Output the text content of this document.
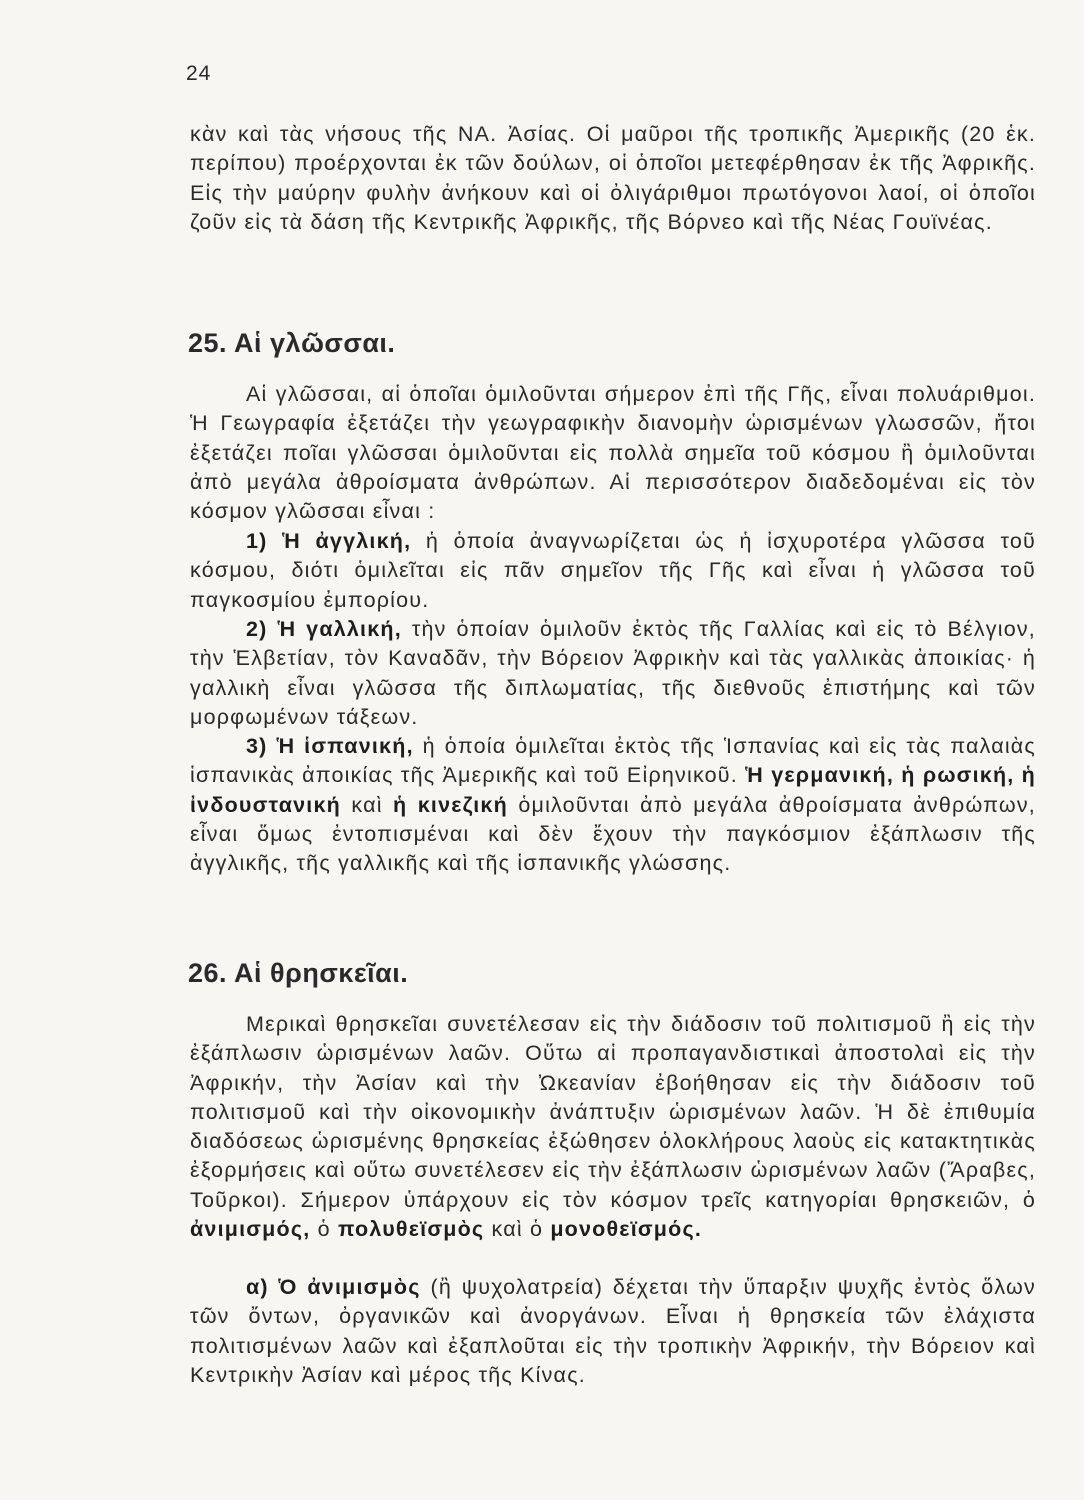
24

κὰν καὶ τὰς νήσους τῆς ΝΑ. Ἀσίας. Οἱ μαῦροι τῆς τροπικῆς Ἀμερικῆς (20 ἑκ. περίπου) προέρχονται ἐκ τῶν δούλων, οἱ ὁποῖοι μετεφέρθησαν ἐκ τῆς Ἀφρικῆς. Εἰς τὴν μαύρην φυλὴν ἀνήκουν καὶ οἱ ὀλιγάριθμοι πρωτόγονοι λαοί, οἱ ὁποῖοι ζοῦν εἰς τὰ δάση τῆς Κεντρικῆς Ἀφρικῆς, τῆς Βόρνεο καὶ τῆς Νέας Γουϊνέας.

25. Αἱ γλῶσσαι.

Αἱ γλῶσσαι, αἱ ὁποῖαι ὁμιλοῦνται σήμερον ἐπὶ τῆς Γῆς, εἶναι πολυάριθμοι. Ἡ Γεωγραφία ἐξετάζει τὴν γεωγραφικὴν διανομὴν ὡρισμένων γλωσσῶν, ἤτοι ἐξετάζει ποῖαι γλῶσσαι ὁμιλοῦνται εἰς πολλὰ σημεῖα τοῦ κόσμου ἢ ὁμιλοῦνται ἀπὸ μεγάλα ἀθροίσματα ἀνθρώπων. Αἱ περισσότερον διαδεδομέναι εἰς τὸν κόσμον γλῶσσαι εἶναι :

1) Ἡ ἀγγλική, ἡ ὁποία ἀναγνωρίζεται ὡς ἡ ἰσχυροτέρα γλῶσσα τοῦ κόσμου, διότι ὁμιλεῖται εἰς πᾶν σημεῖον τῆς Γῆς καὶ εἶναι ἡ γλῶσσα τοῦ παγκοσμίου ἐμπορίου.

2) Ἡ γαλλική, τὴν ὁποίαν ὁμιλοῦν ἐκτὸς τῆς Γαλλίας καὶ εἰς τὸ Βέλγιον, τὴν Ἑλβετίαν, τὸν Καναδᾶν, τὴν Βόρειον Ἀφρικὴν καὶ τὰς γαλλικὰς ἀποικίας· ἡ γαλλικὴ εἶναι γλῶσσα τῆς διπλωματίας, τῆς διεθνοῦς ἐπιστήμης καὶ τῶν μορφωμένων τάξεων.

3) Ἡ ἱσπανική, ἡ ὁποία ὁμιλεῖται ἐκτὸς τῆς Ἱσπανίας καὶ εἰς τὰς παλαιὰς ἱσπανικὰς ἀποικίας τῆς Ἀμερικῆς καὶ τοῦ Εἰρηνικοῦ. Ἡ γερμανική, ἡ ρωσική, ἡ ἰνδουστανική καὶ ἡ κινεζική ὁμιλοῦνται ἀπὸ μεγάλα ἀθροίσματα ἀνθρώπων, εἶναι ὅμως ἐντοπισμέναι καὶ δὲν ἔχουν τὴν παγκόσμιον ἐξάπλωσιν τῆς ἀγγλικῆς, τῆς γαλλικῆς καὶ τῆς ἱσπανικῆς γλώσσης.

26. Αἱ θρησκεῖαι.

Μερικαὶ θρησκεῖαι συνετέλεσαν εἰς τὴν διάδοσιν τοῦ πολιτισμοῦ ἢ εἰς τὴν ἐξάπλωσιν ὡρισμένων λαῶν. Οὕτω αἱ προπαγανδιστικαὶ ἀποστολαὶ εἰς τὴν Ἀφρικήν, τὴν Ἀσίαν καὶ τὴν Ὠκεανίαν ἐβοήθησαν εἰς τὴν διάδοσιν τοῦ πολιτισμοῦ καὶ τὴν οἰκονομικὴν ἀνάπτυξιν ὡρισμένων λαῶν. Ἡ δὲ ἐπιθυμία διαδόσεως ὡρισμένης θρησκείας ἐξώθησεν ὁλοκλήρους λαοὺς εἰς κατακτητικὰς ἐξορμήσεις καὶ οὕτω συνετέλεσεν εἰς τὴν ἐξάπλωσιν ὡρισμένων λαῶν (Ἄραβες, Τοῦρκοι). Σήμερον ὑπάρχουν εἰς τὸν κόσμον τρεῖς κατηγορίαι θρησκειῶν, ὁ ἀνιμισμός, ὁ πολυθεϊσμὸς καὶ ὁ μονοθεϊσμός.

α) Ὁ ἀνιμισμὸς (ἢ ψυχολατρεία) δέχεται τὴν ὕπαρξιν ψυχῆς ἐντὸς ὅλων τῶν ὄντων, ὀργανικῶν καὶ ἀνοργάνων. Εἶναι ἡ θρησκεία τῶν ἐλάχιστα πολιτισμένων λαῶν καὶ ἐξαπλοῦται εἰς τὴν τροπικὴν Ἀφρικήν, τὴν Βόρειον καὶ Κεντρικὴν Ἀσίαν καὶ μέρος τῆς Κίνας.
